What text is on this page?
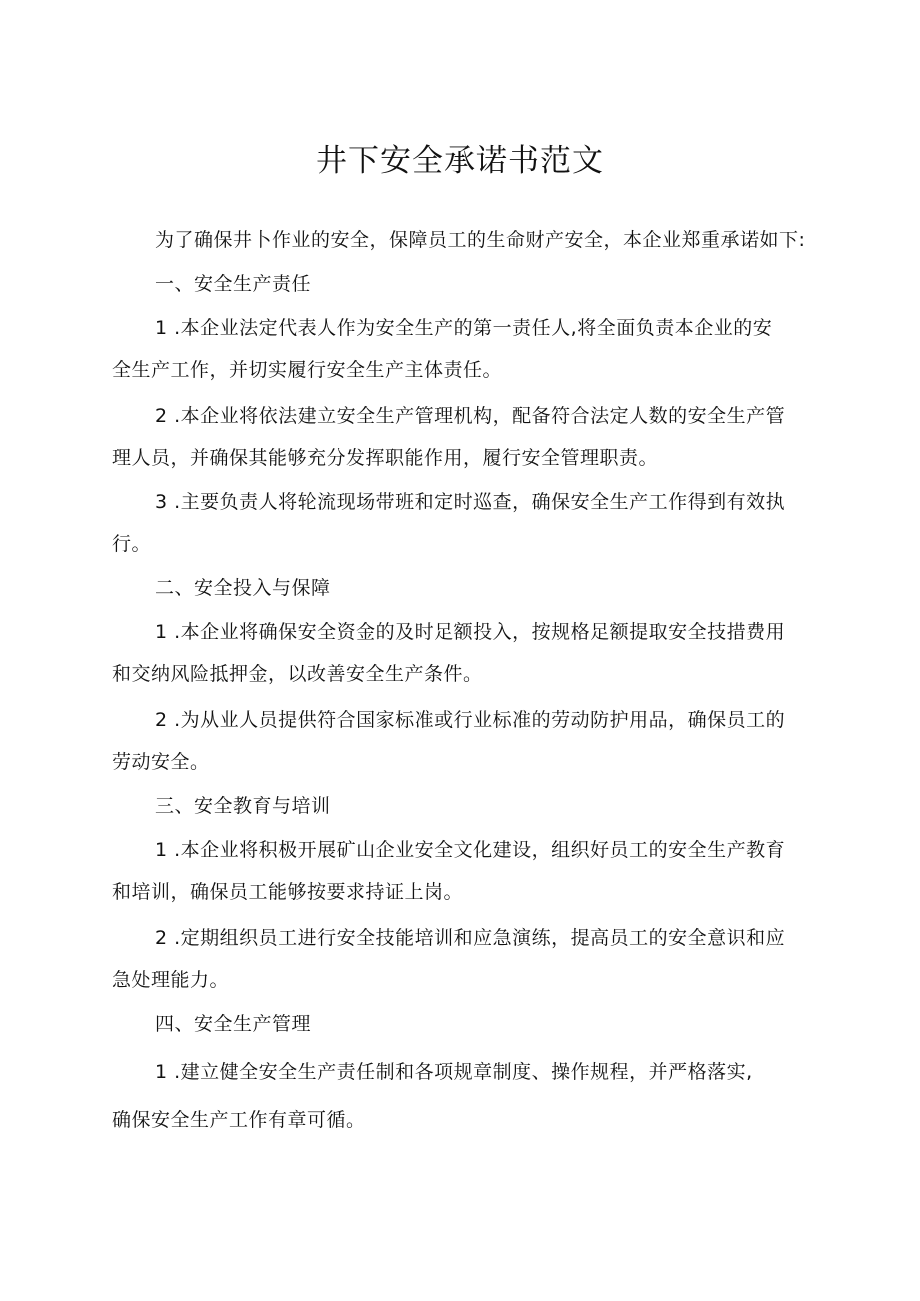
井下安全承诺书范文
为了确保井卜作业的安全，保障员工的生命财产安全，本企业郑重承诺如下:
一、安全生产责任
1 .本企业法定代表人作为安全生产的第一责任人,将全面负责本企业的安
全生产工作，并切实履行安全生产主体责任。
2 .本企业将依法建立安全生产管理机构，配备符合法定人数的安全生产管
理人员，并确保其能够充分发挥职能作用，履行安全管理职责。
3 .主要负责人将轮流现场带班和定时巡查，确保安全生产工作得到有效执
行。
二、安全投入与保障
1 .本企业将确保安全资金的及时足额投入，按规格足额提取安全技措费用
和交纳风险抵押金，以改善安全生产条件。
2 .为从业人员提供符合国家标准或行业标准的劳动防护用品，确保员工的
劳动安全。
三、安全教育与培训
1 .本企业将积极开展矿山企业安全文化建设，组织好员工的安全生产教育
和培训，确保员工能够按要求持证上岗。
2 .定期组织员工进行安全技能培训和应急演练，提高员工的安全意识和应
急处理能力。
四、安全生产管理
1 .建立健全安全生产责任制和各项规章制度、操作规程，并严格落实,
确保安全生产工作有章可循。
